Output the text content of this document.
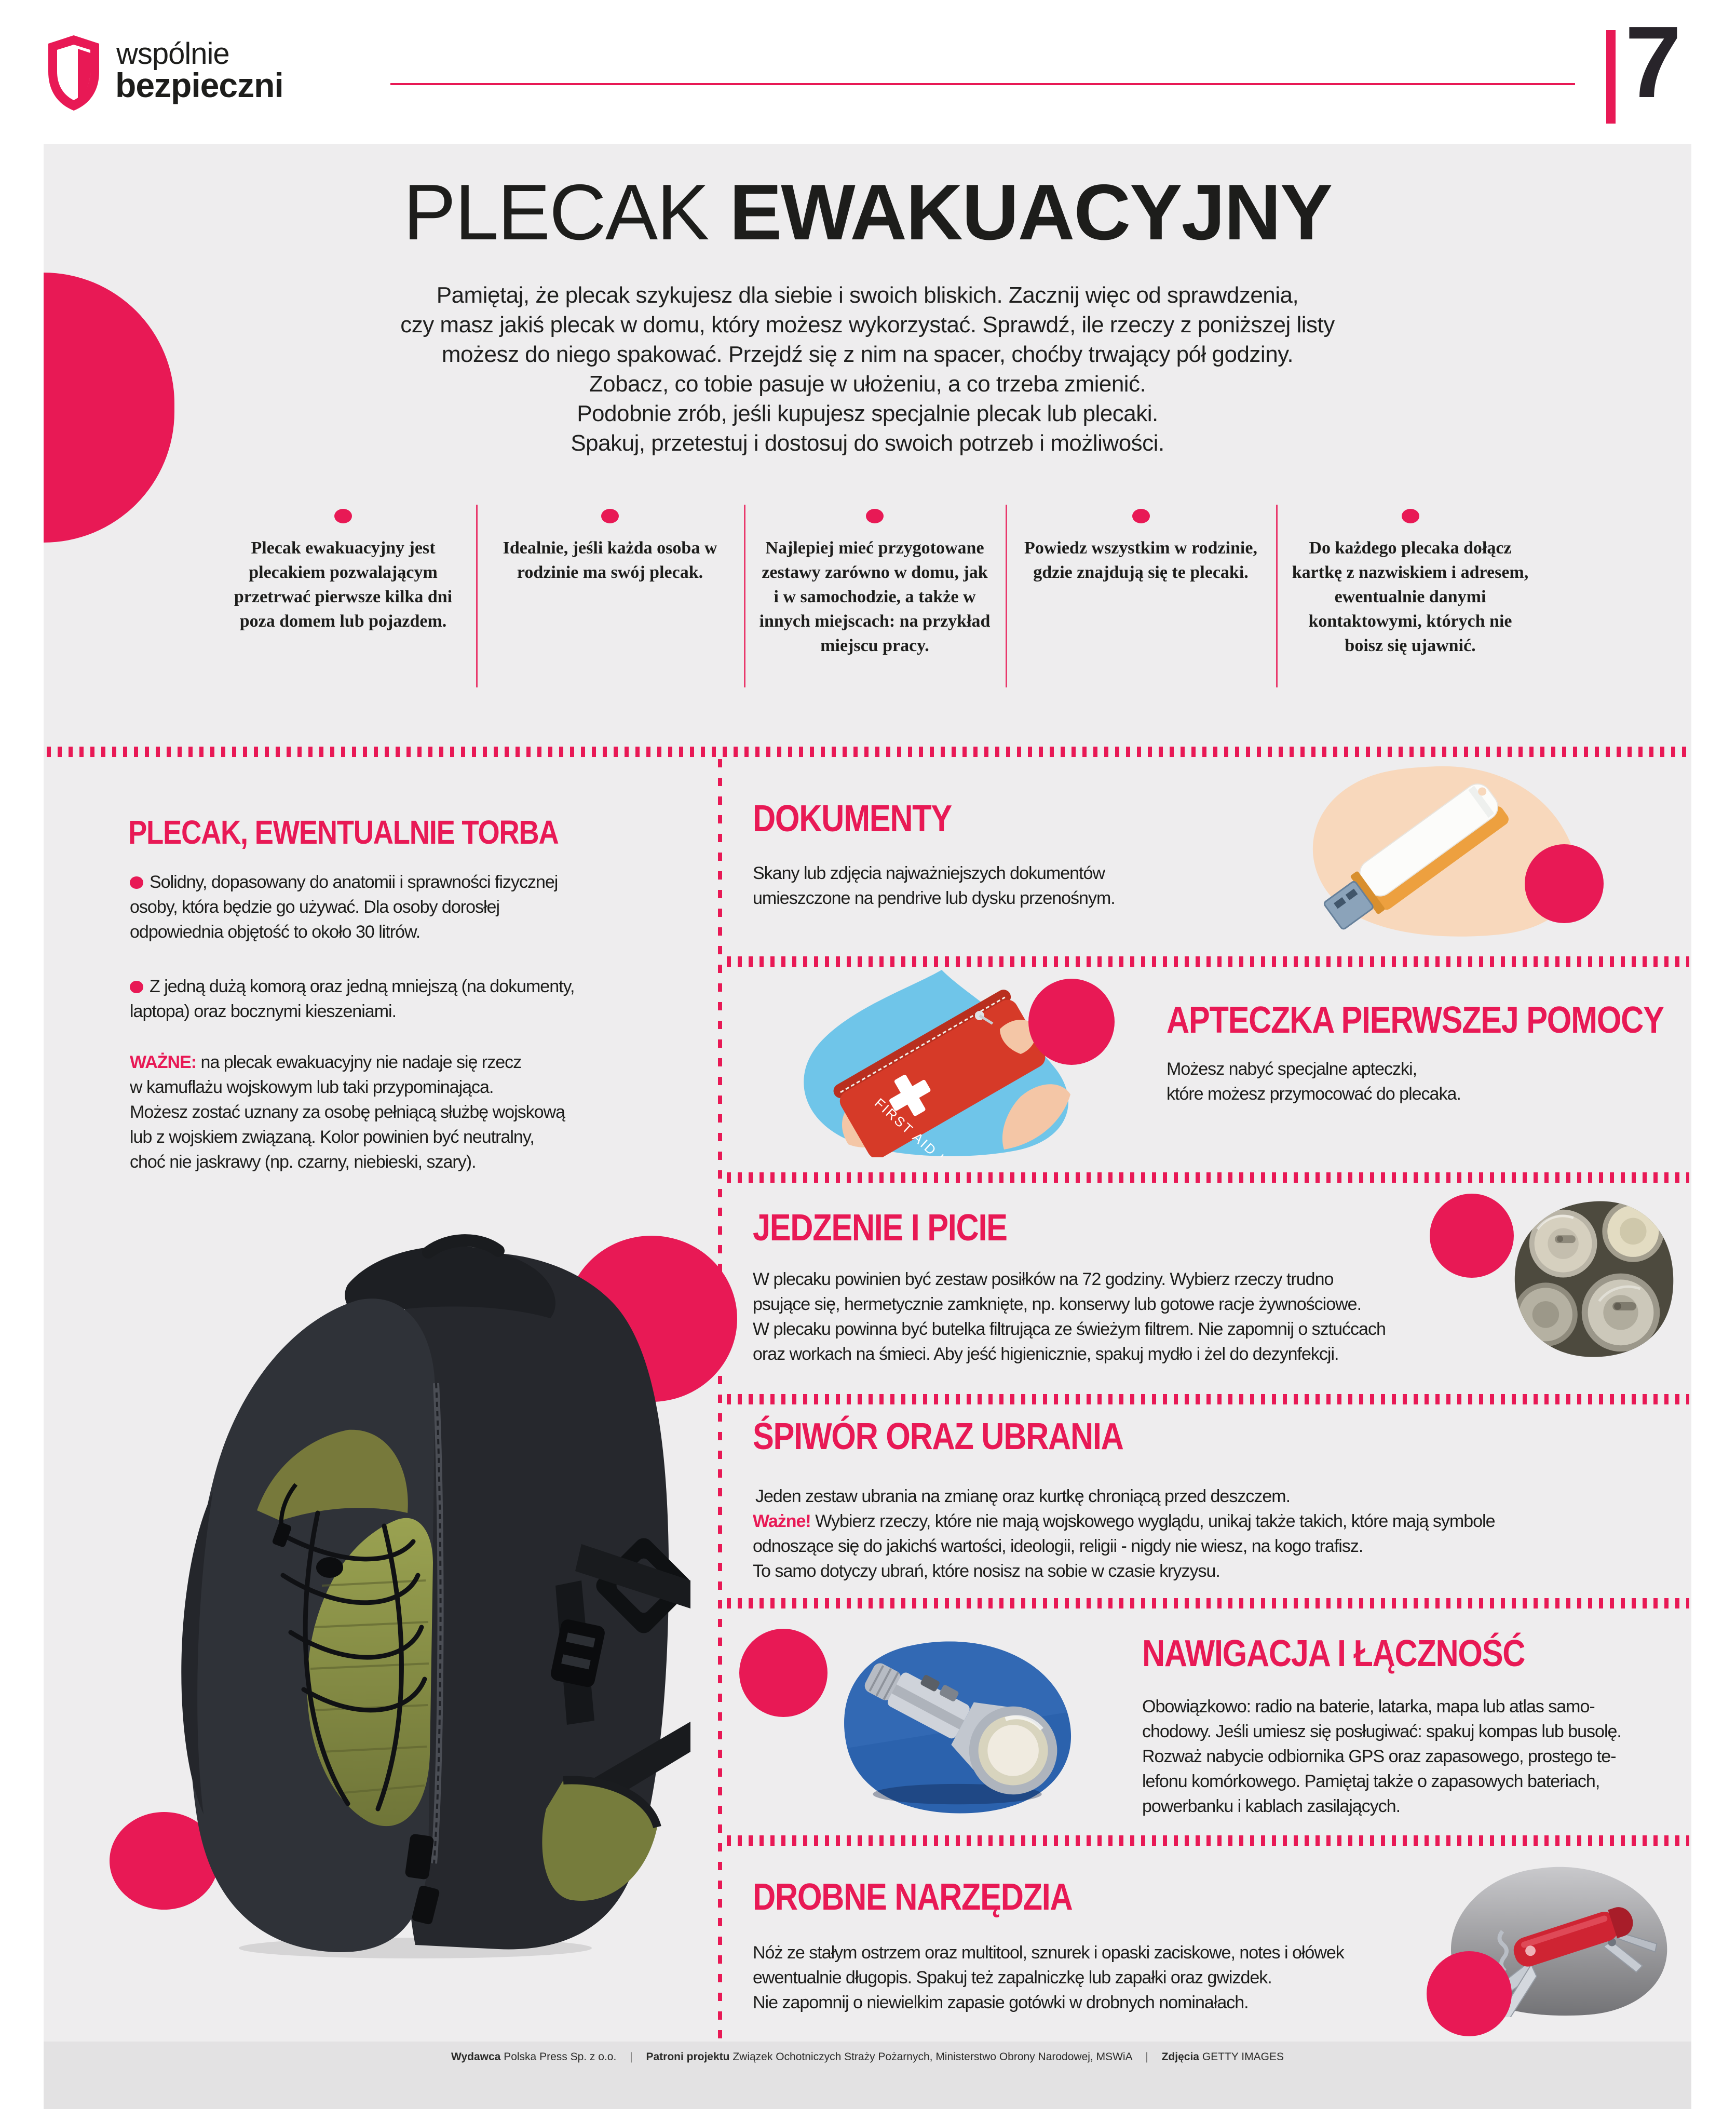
wspólnie
bezpieczni	7
PLECAK EWAKUACYJNY
Pamiętaj, że plecak szykujesz dla siebie i swoich bliskich. Zacznij więc od sprawdzenia,
czy masz jakiś plecak w domu, który możesz wykorzystać. Sprawdź, ile rzeczy z poniższej listy
możesz do niego spakować. Przejdź się z nim na spacer, choćby trwający pół godziny.
Zobacz, co tobie pasuje w ułożeniu, a co trzeba zmienić.
Podobnie zrób, jeśli kupujesz specjalnie plecak lub plecaki.
Spakuj, przetestuj i dostosuj do swoich potrzeb i możliwości.
Plecak ewakuacyjny jest plecakiem pozwalającym przetrwać pierwsze kilka dni poza domem lub pojazdem.
Idealnie, jeśli każda osoba w rodzinie ma swój plecak.
Najlepiej mieć przygotowane zestawy zarówno w domu, jak i w samochodzie, a także w innych miejscach: na przykład miejscu pracy.
Powiedz wszystkim w rodzinie, gdzie znajdują się te plecaki.
Do każdego plecaka dołącz kartkę z nazwiskiem i adresem, ewentualnie danymi kontaktowymi, których nie boisz się ujawnić.
PLECAK, EWENTUALNIE TORBA
Solidny, dopasowany do anatomii i sprawności fizycznej
osoby, która będzie go używać. Dla osoby dorosłej
odpowiednia objętość to około 30 litrów.
Z jedną dużą komorą oraz jedną mniejszą (na dokumenty,
laptopa) oraz bocznymi kieszeniami.
WAŻNE: na plecak ewakuacyjny nie nadaje się rzecz
w kamuflażu wojskowym lub taki przypominająca.
Możesz zostać uznany za osobę pełniącą służbę wojskową
lub z wojskiem związaną. Kolor powinien być neutralny,
choć nie jaskrawy (np. czarny, niebieski, szary).
DOKUMENTY
Skany lub zdjęcia najważniejszych dokumentów
umieszczone na pendrive lub dysku przenośnym.
APTECZKA PIERWSZEJ POMOCY
Możesz nabyć specjalne apteczki,
które możesz przymocować do plecaka.
JEDZENIE I PICIE
W plecaku powinien być zestaw posiłków na 72 godziny. Wybierz rzeczy trudno
psujące się, hermetycznie zamknięte, np. konserwy lub gotowe racje żywnościowe.
W plecaku powinna być butelka filtrująca ze świeżym filtrem. Nie zapomnij o sztućcach
oraz workach na śmieci. Aby jeść higienicznie, spakuj mydło i żel do dezynfekcji.
ŚPIWÓR ORAZ UBRANIA
Jeden zestaw ubrania na zmianę oraz kurtkę chroniącą przed deszczem.
Ważne! Wybierz rzeczy, które nie mają wojskowego wyglądu, unikaj także takich, które mają symbole
odnoszące się do jakichś wartości, ideologii, religii - nigdy nie wiesz, na kogo trafisz.
To samo dotyczy ubrań, które nosisz na sobie w czasie kryzysu.
NAWIGACJA I ŁĄCZNOŚĆ
Obowiązkowo: radio na baterie, latarka, mapa lub atlas samo-
chodowy. Jeśli umiesz się posługiwać: spakuj kompas lub busolę.
Rozważ nabycie odbiornika GPS oraz zapasowego, prostego te-
lefonu komórkowego. Pamiętaj także o zapasowych bateriach,
powerbanku i kablach zasilających.
DROBNE NARZĘDZIA
Nóż ze stałym ostrzem oraz multitool, sznurek i opaski zaciskowe, notes i ołówek
ewentualnie długopis. Spakuj też zapalniczkę lub zapałki oraz gwizdek.
Nie zapomnij o niewielkim zapasie gotówki w drobnych nominałach.
Wydawca Polska Press Sp. z o.o. | Patroni projektu Związek Ochotniczych Straży Pożarnych, Ministerstwo Obrony Narodowej, MSWiA | Zdjęcia GETTY IMAGES
